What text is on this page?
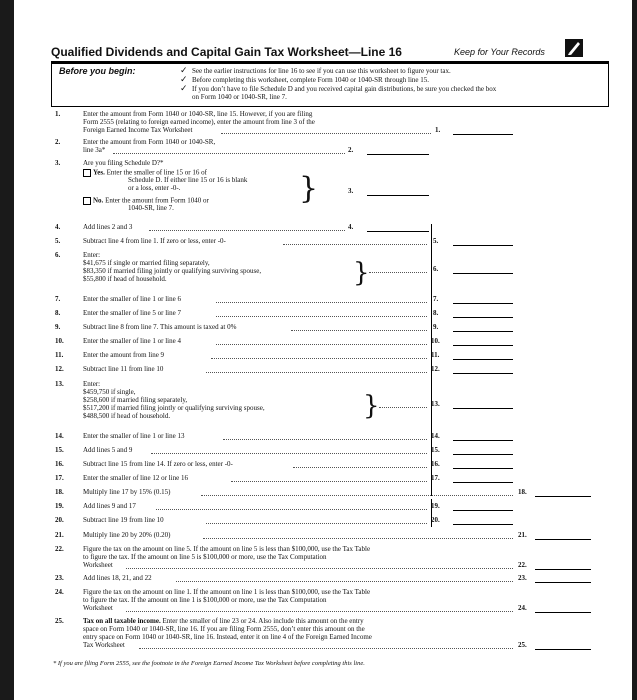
Qualified Dividends and Capital Gain Tax Worksheet—Line 16	Keep for Your Records
Before you begin:	✓ See the earlier instructions for line 16 to see if you can use this worksheet to figure your tax.
✓ Before completing this worksheet, complete Form 1040 or 1040-SR through line 15.
✓ If you don’t have to file Schedule D and you received capital gain distributions, be sure you checked the box
on Form 1040 or 1040-SR, line 7.
1.	Enter the amount from Form 1040 or 1040-SR, line 15. However, if you are filing
Form 2555 (relating to foreign earned income), enter the amount from line 3 of the
Foreign Earned Income Tax Worksheet	1.
2.	Enter the amount from Form 1040 or 1040-SR,
line 3a*	2.
3.	Are you filing Schedule D?*
Yes. Enter the smaller of line 15 or 16 of
Schedule D. If either line 15 or 16 is blank
or a loss, enter -0-.
No. Enter the amount from Form 1040 or
1040-SR, line 7.
}	3.
4.	Add lines 2 and 3	4.
5.	Subtract line 4 from line 1. If zero or less, enter -0-	5.
6.	Enter:
$41,675 if single or married filing separately,
$83,350 if married filing jointly or qualifying surviving spouse,
$55,800 if head of household.	}	6.
7.	Enter the smaller of line 1 or line 6	7.
8.	Enter the smaller of line 5 or line 7	8.
9.	Subtract line 8 from line 7. This amount is taxed at 0%	9.
10.	Enter the smaller of line 1 or line 4	10.
11.	Enter the amount from line 9	11.
12.	Subtract line 11 from line 10	12.
13.	Enter:
$459,750 if single,
$258,600 if married filing separately,
$517,200 if married filing jointly or qualifying surviving spouse,
$488,500 if head of household.	}	13.
14.	Enter the smaller of line 1 or line 13	14.
15.	Add lines 5 and 9	15.
16.	Subtract line 15 from line 14. If zero or less, enter -0-	16.
17.	Enter the smaller of line 12 or line 16	17.
18.	Multiply line 17 by 15% (0.15)	18.
19.	Add lines 9 and 17	19.
20.	Subtract line 19 from line 10	20.
21.	Multiply line 20 by 20% (0.20)	21.
22.	Figure the tax on the amount on line 5. If the amount on line 5 is less than $100,000, use the Tax Table
to figure the tax. If the amount on line 5 is $100,000 or more, use the Tax Computation
Worksheet	22.
23.	Add lines 18, 21, and 22	23.
24.	Figure the tax on the amount on line 1. If the amount on line 1 is less than $100,000, use the Tax Table
to figure the tax. If the amount on line 1 is $100,000 or more, use the Tax Computation
Worksheet	24.
25.	Tax on all taxable income. Enter the smaller of line 23 or 24. Also include this amount on the entry
space on Form 1040 or 1040-SR, line 16. If you are filing Form 2555, don’t enter this amount on the
entry space on Form 1040 or 1040-SR, line 16. Instead, enter it on line 4 of the Foreign Earned Income
Tax Worksheet	25.
* If you are filing Form 2555, see the footnote in the Foreign Earned Income Tax Worksheet before completing this line.
